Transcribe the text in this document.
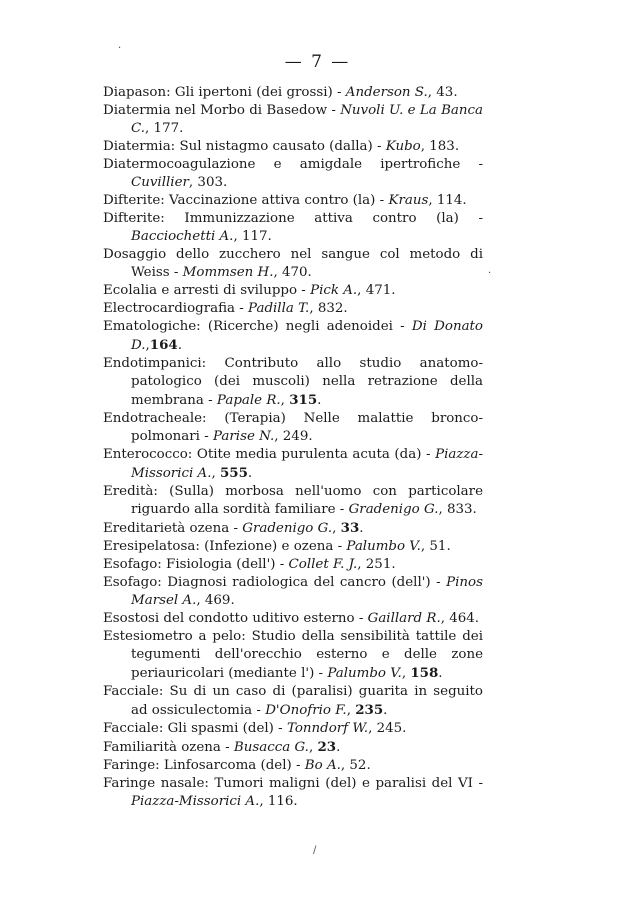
— 7 —

Diapason: Gli ipertoni (dei grossi) - Anderson S., 43.

Diatermia nel Morbo di Basedow - Nuvoli U. e La Banca C., 177.

Diatermia: Sul nistagmo causato (dalla) - Kubo, 183.

Diatermocoagulazione e amigdale ipertrofiche - Cuvillier, 303.

Difterite: Vaccinazione attiva contro (la) - Kraus, 114.

Difterite: Immunizzazione attiva contro (la) - Bacciochetti A., 117.

Dosaggio dello zucchero nel sangue col metodo di Weiss - Mommsen H., 470.

Ecolalia e arresti di sviluppo - Pick A., 471.

Electrocardiografia - Padilla T., 832.

Ematologiche: (Ricerche) negli adenoidei - Di Donato D.,164.

Endotimpanici: Contributo allo studio anatomo-patologico (dei muscoli) nella retrazione della membrana - Papale R., 315.

Endotracheale: (Terapia) Nelle malattie bronco-polmonari - Parise N., 249.

Enterococco: Otite media purulenta acuta (da) - Piazza-Missorici A., 555.

Eredità: (Sulla) morbosa nell'uomo con particolare riguardo alla sordità familiare - Gradenigo G., 833.

Ereditarietà ozena - Gradenigo G., 33.

Eresipelatosa: (Infezione) e ozena - Palumbo V., 51.

Esofago: Fisiologia (dell') - Collet F. J., 251.

Esofago: Diagnosi radiologica del cancro (dell') - Pinos Marsel A., 469.

Esostosi del condotto uditivo esterno - Gaillard R., 464.

Estesiometro a pelo: Studio della sensibilità tattile dei tegumenti dell'orecchio esterno e delle zone periauricolari (mediante l') - Palumbo V., 158.

Facciale: Su di un caso di (paralisi) guarita in seguito ad ossiculectomia - D'Onofrio F., 235.

Facciale: Gli spasmi (del) - Tonndorf W., 245.

Familiarità ozena - Busacca G., 23.

Faringe: Linfosarcoma (del) - Bo A., 52.

Faringe nasale: Tumori maligni (del) e paralisi del VI - Piazza-Missorici A., 116.

·
·
/
